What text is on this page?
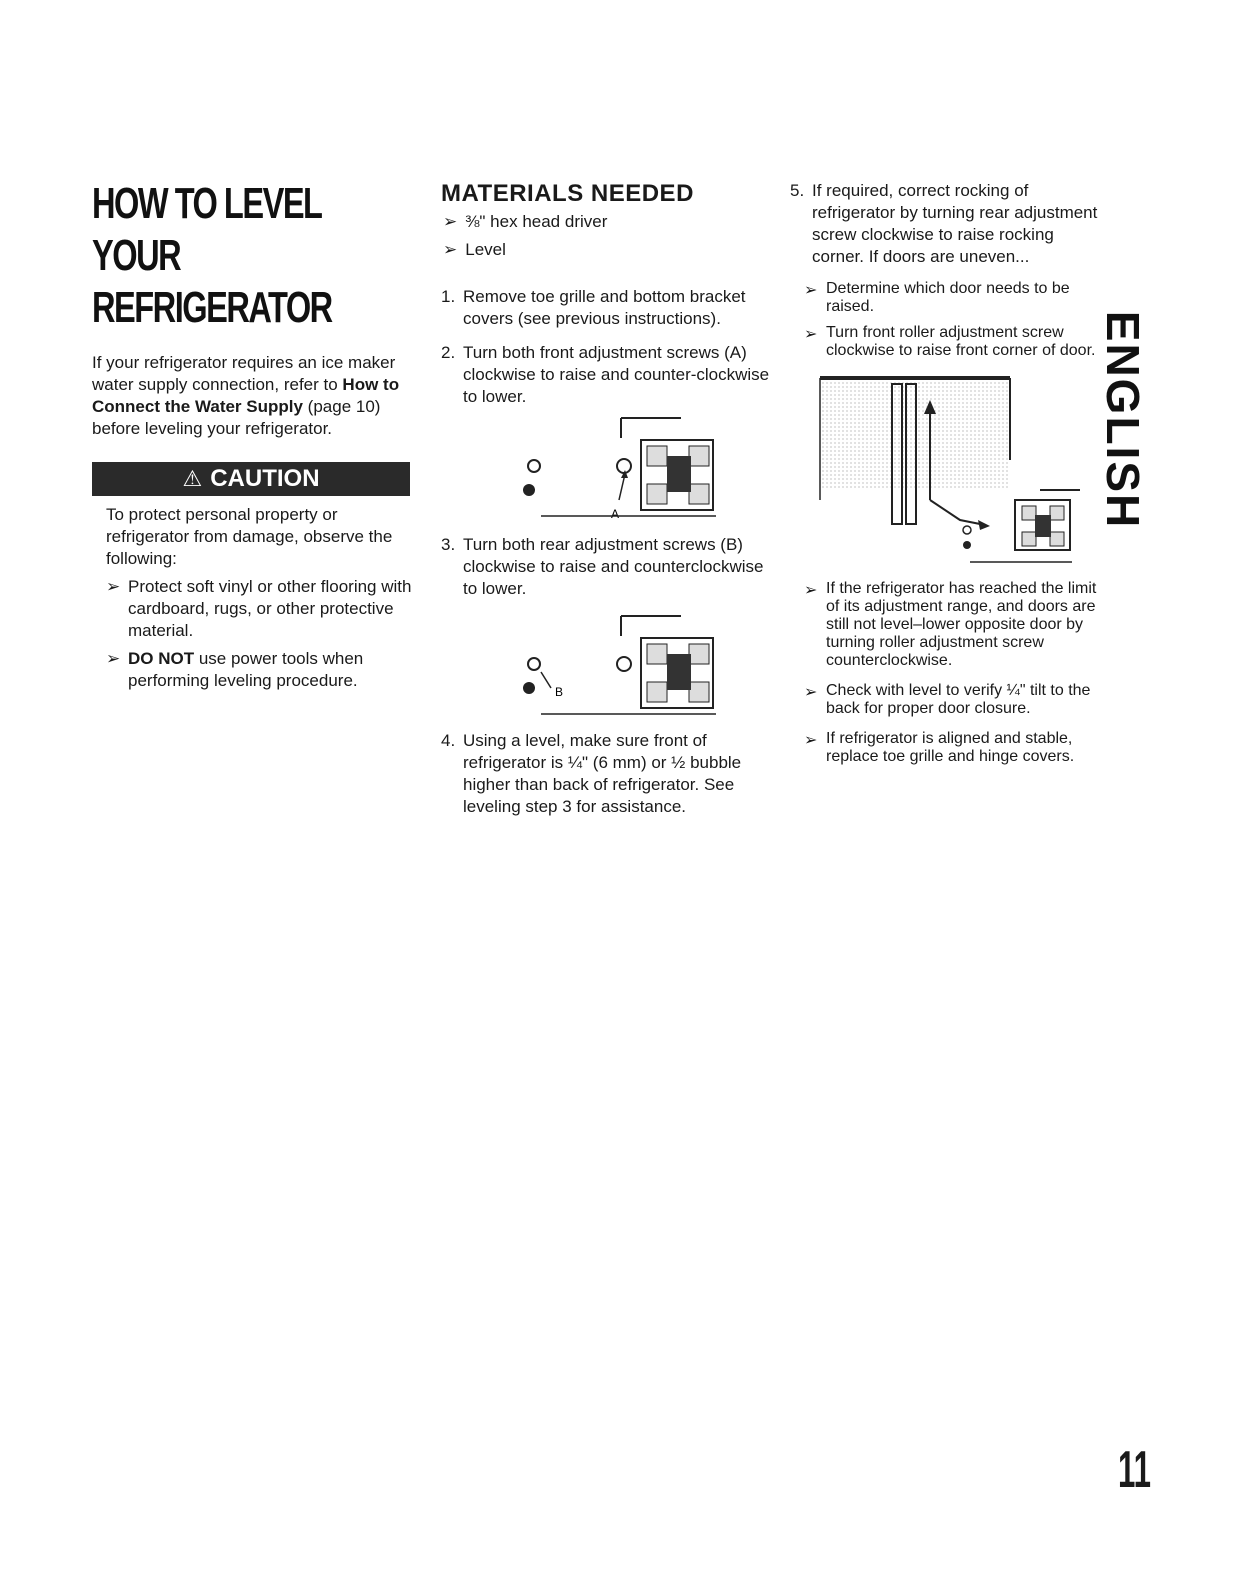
HOW TO LEVEL YOUR
REFRIGERATOR

If your refrigerator requires an ice maker water supply connection, refer to How to Connect the Water Supply (page 10) before leveling your refrigerator.

⚠ CAUTION

To protect personal property or refrigerator from damage, observe the following:

➢ Protect soft vinyl or other flooring with cardboard, rugs, or other protective material.
➢ DO NOT use power tools when performing leveling procedure.
MATERIALS NEEDED
➢ ⅜" hex head driver
➢ Level
1. Remove toe grille and bottom bracket covers (see previous instructions).
2. Turn both front adjustment screws (A) clockwise to raise and counter-clockwise to lower.
A
3. Turn both rear adjustment screws (B) clockwise to raise and counterclockwise to lower.
B
4. Using a level, make sure front of refrigerator is ¼" (6 mm) or ½ bubble higher than back of refrigerator. See leveling step 3 for assistance.
5. If required, correct rocking of refrigerator by turning rear adjustment screw clockwise to raise rocking corner. If doors are uneven...
➢ Determine which door needs to be raised.
➢ Turn front roller adjustment screw clockwise to raise front corner of door.
➢ If the refrigerator has reached the limit of its adjustment range, and doors are still not level–lower opposite door by turning roller adjustment screw counterclockwise.
➢ Check with level to verify ¼" tilt to the back for proper door closure.
➢ If refrigerator is aligned and stable, replace toe grille and hinge covers.
ENGLISH
11
